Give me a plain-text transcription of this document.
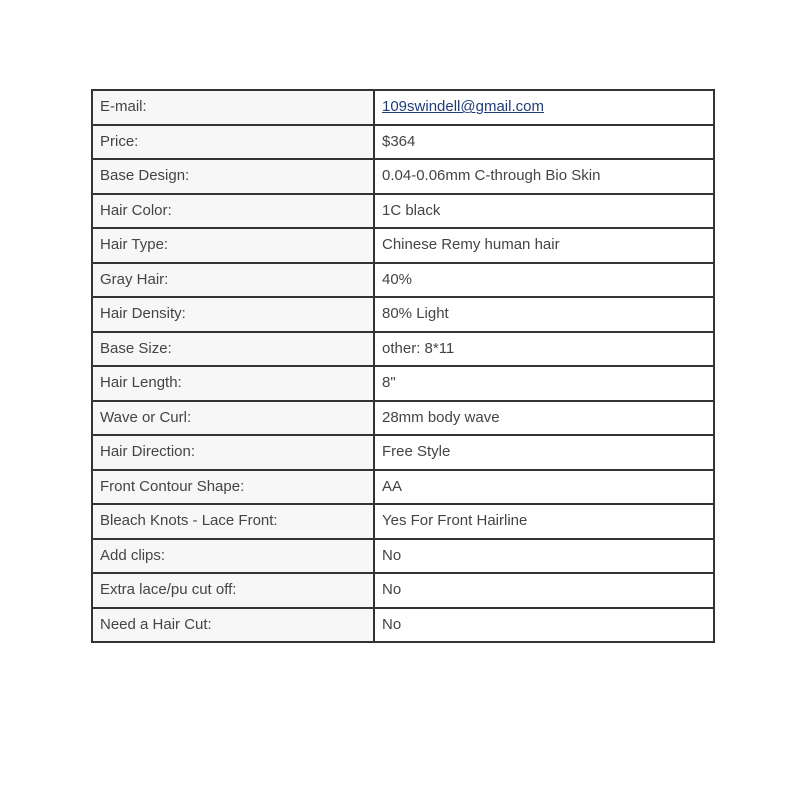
E-mail:	109swindell@gmail.com
Price:	$364
Base Design:	0.04-0.06mm C-through Bio Skin
Hair Color:	1C black
Hair Type:	Chinese Remy human hair
Gray Hair:	40%
Hair Density:	80% Light
Base Size:	other: 8*11
Hair Length:	8"
Wave or Curl:	28mm body wave
Hair Direction:	Free Style
Front Contour Shape:	AA
Bleach Knots - Lace Front:	Yes For Front Hairline
Add clips:	No
Extra lace/pu cut off:	No
Need a Hair Cut:	No
